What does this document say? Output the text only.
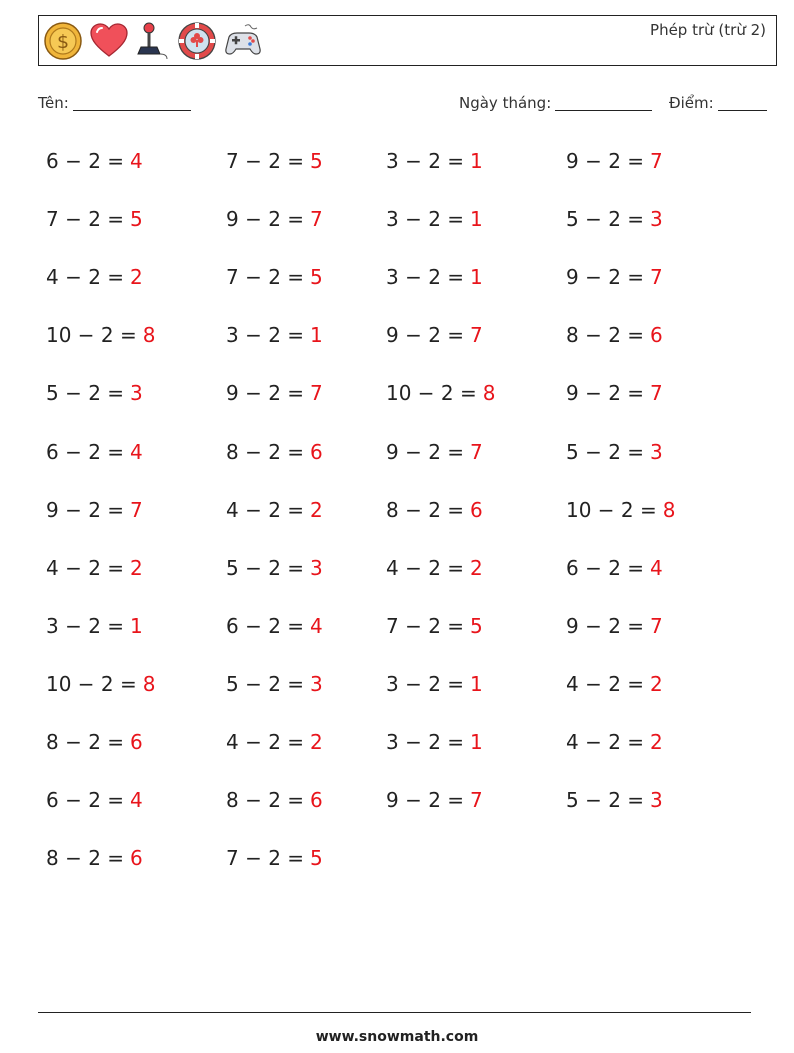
$
Phép trừ (trừ 2)
Tên:	Ngày tháng:	Điểm:
6 − 2 = 4	7 − 2 = 5	3 − 2 = 1	9 − 2 = 7
7 − 2 = 5	9 − 2 = 7	3 − 2 = 1	5 − 2 = 3
4 − 2 = 2	7 − 2 = 5	3 − 2 = 1	9 − 2 = 7
10 − 2 = 8	3 − 2 = 1	9 − 2 = 7	8 − 2 = 6
5 − 2 = 3	9 − 2 = 7	10 − 2 = 8	9 − 2 = 7
6 − 2 = 4	8 − 2 = 6	9 − 2 = 7	5 − 2 = 3
9 − 2 = 7	4 − 2 = 2	8 − 2 = 6	10 − 2 = 8
4 − 2 = 2	5 − 2 = 3	4 − 2 = 2	6 − 2 = 4
3 − 2 = 1	6 − 2 = 4	7 − 2 = 5	9 − 2 = 7
10 − 2 = 8	5 − 2 = 3	3 − 2 = 1	4 − 2 = 2
8 − 2 = 6	4 − 2 = 2	3 − 2 = 1	4 − 2 = 2
6 − 2 = 4	8 − 2 = 6	9 − 2 = 7	5 − 2 = 3
8 − 2 = 6	7 − 2 = 5
www.snowmath.com
